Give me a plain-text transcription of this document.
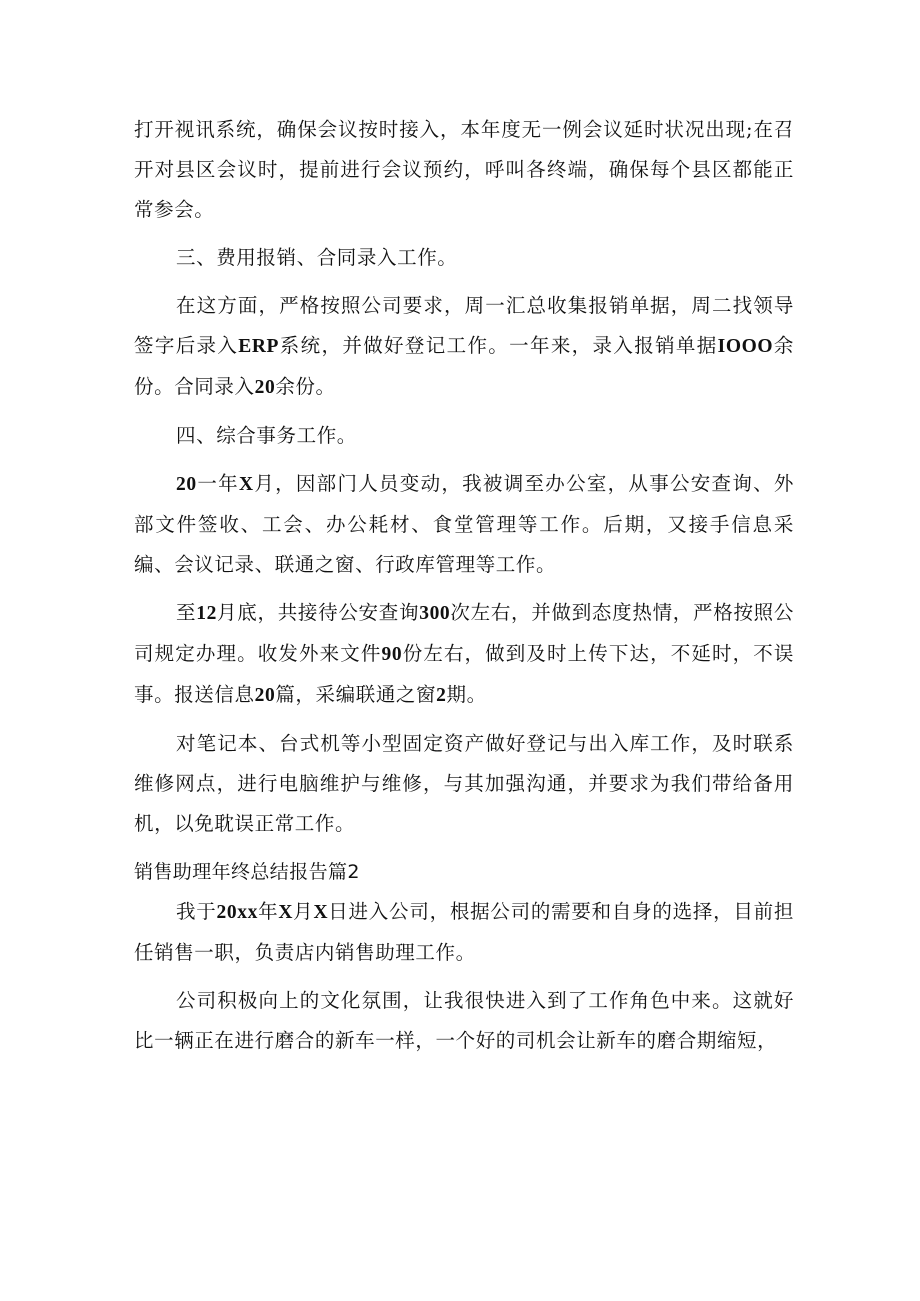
打开视讯系统，确保会议按时接入，本年度无一例会议延时状况出现;在召开对县区会议时，提前进行会议预约，呼叫各终端，确保每个县区都能正常参会。

三、费用报销、合同录入工作。

在这方面，严格按照公司要求，周一汇总收集报销单据，周二找领导签字后录入ERP系统，并做好登记工作。一年来，录入报销单据IOOO余份。合同录入20余份。

四、综合事务工作。

20一年X月，因部门人员变动，我被调至办公室，从事公安查询、外部文件签收、工会、办公耗材、食堂管理等工作。后期，又接手信息采编、会议记录、联通之窗、行政库管理等工作。

至12月底，共接待公安查询300次左右，并做到态度热情，严格按照公司规定办理。收发外来文件90份左右，做到及时上传下达，不延时，不误事。报送信息20篇，采编联通之窗2期。

对笔记本、台式机等小型固定资产做好登记与出入库工作，及时联系维修网点，进行电脑维护与维修，与其加强沟通，并要求为我们带给备用机，以免耽误正常工作。

销售助理年终总结报告篇2

我于20xx年X月X日进入公司，根据公司的需要和自身的选择，目前担任销售一职，负责店内销售助理工作。

公司积极向上的文化氛围，让我很快进入到了工作角色中来。这就好比一辆正在进行磨合的新车一样，一个好的司机会让新车的磨合期缩短，
